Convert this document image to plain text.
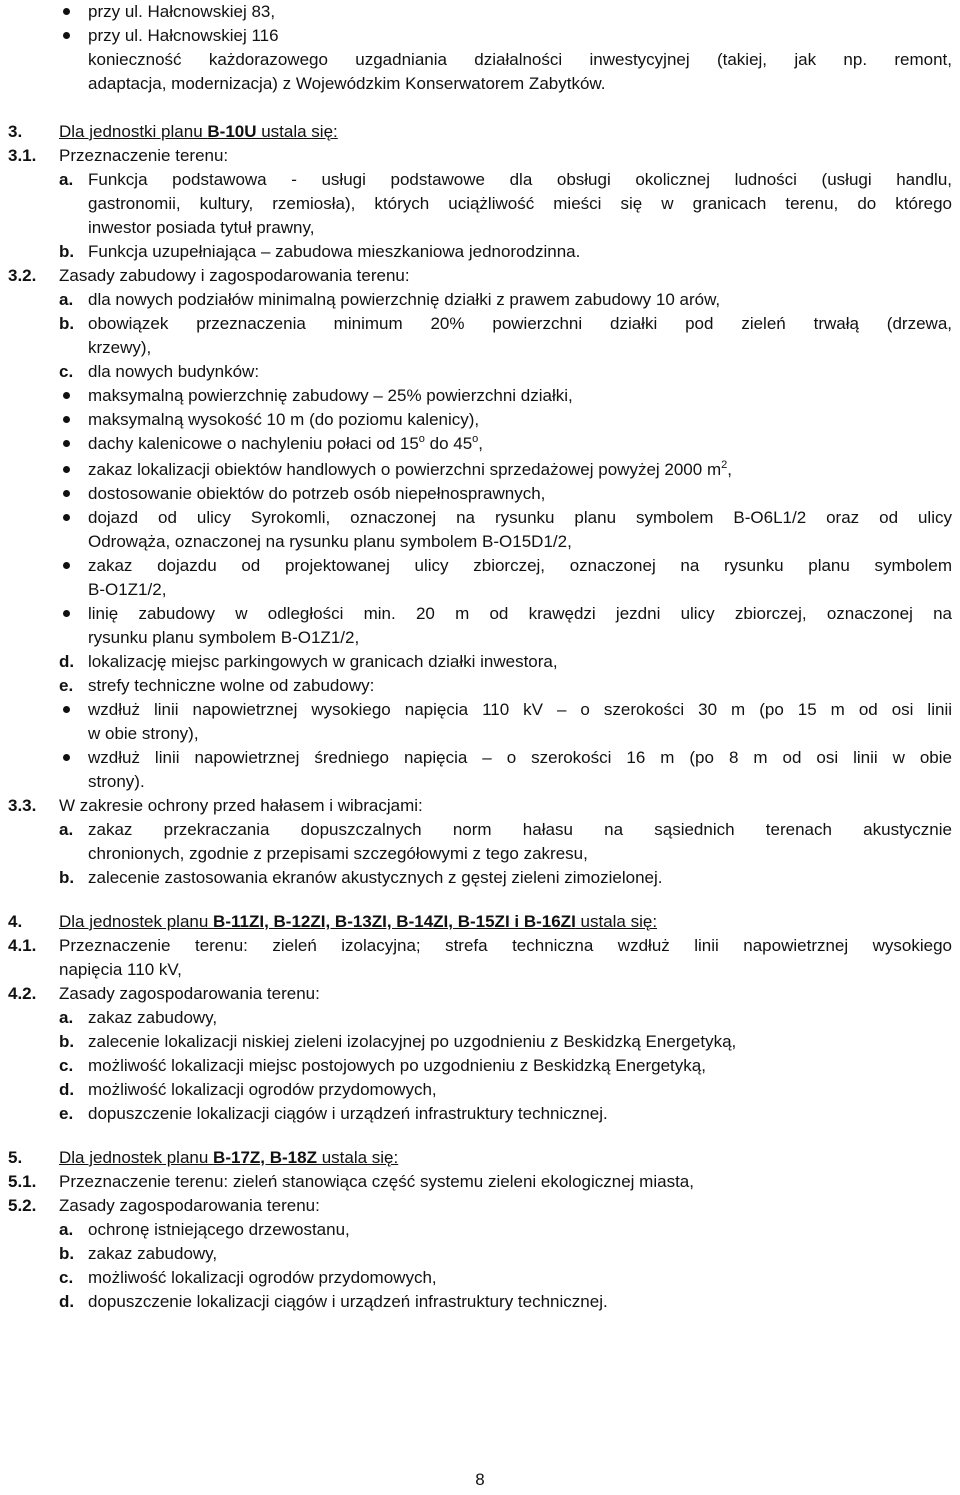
przy ul. Hałcnowskiej 83,
przy ul. Hałcnowskiej 116
konieczność każdorazowego uzgadniania działalności inwestycyjnej (takiej, jak np. remont,
adaptacja, modernizacja) z Wojewódzkim Konserwatorem Zabytków.
3. Dla jednostki planu B-10U ustala się:
3.1. Przeznaczenie terenu:
a. Funkcja podstawowa - usługi podstawowe dla obsługi okolicznej ludności (usługi handlu,
gastronomii, kultury, rzemiosła), których uciążliwość mieści się w granicach terenu, do którego
inwestor posiada tytuł prawny,
b. Funkcja uzupełniająca – zabudowa mieszkaniowa jednorodzinna.
3.2. Zasady zabudowy i zagospodarowania terenu:
a. dla nowych podziałów minimalną powierzchnię działki z prawem zabudowy 10 arów,
b. obowiązek przeznaczenia minimum 20% powierzchni działki pod zieleń trwałą (drzewa,
krzewy),
c. dla nowych budynków:
maksymalną powierzchnię zabudowy – 25% powierzchni działki,
maksymalną wysokość 10 m (do poziomu kalenicy),
dachy kalenicowe o nachyleniu połaci od 15$^o$ do 45$^o$,
zakaz lokalizacji obiektów handlowych o powierzchni sprzedażowej powyżej 2000 $m^2$,
dostosowanie obiektów do potrzeb osób niepełnosprawnych,
dojazd od ulicy Syrokomli, oznaczonej na rysunku planu symbolem B-O6L1/2 oraz od ulicy
Odrowąża, oznaczonej na rysunku planu symbolem B-O15D1/2,
zakaz dojazdu od projektowanej ulicy zbiorczej, oznaczonej na rysunku planu symbolem
B-O1Z1/2,
linię zabudowy w odległości min. 20 m od krawędzi jezdni ulicy zbiorczej, oznaczonej na
rysunku planu symbolem B-O1Z1/2,
d. lokalizację miejsc parkingowych w granicach działki inwestora,
e. strefy techniczne wolne od zabudowy:
wzdłuż linii napowietrznej wysokiego napięcia 110 kV – o szerokości 30 m (po 15 m od osi linii
w obie strony),
wzdłuż linii napowietrznej średniego napięcia – o szerokości 16 m (po 8 m od osi linii w obie
strony).
3.3. W zakresie ochrony przed hałasem i wibracjami:
a. zakaz przekraczania dopuszczalnych norm hałasu na sąsiednich terenach akustycznie
chronionych, zgodnie z przepisami szczegółowymi z tego zakresu,
b. zalecenie zastosowania ekranów akustycznych z gęstej zieleni zimozielonej.
4. Dla jednostek planu B-11ZI, B-12ZI, B-13ZI, B-14ZI, B-15ZI i B-16ZI ustala się:
4.1. Przeznaczenie terenu: zieleń izolacyjna; strefa techniczna wzdłuż linii napowietrznej wysokiego
napięcia 110 kV,
4.2. Zasady zagospodarowania terenu:
a. zakaz zabudowy,
b. zalecenie lokalizacji niskiej zieleni izolacyjnej po uzgodnieniu z Beskidzką Energetyką,
c. możliwość lokalizacji miejsc postojowych po uzgodnieniu z Beskidzką Energetyką,
d. możliwość lokalizacji ogrodów przydomowych,
e. dopuszczenie lokalizacji ciągów i urządzeń infrastruktury technicznej.
5. Dla jednostek planu B-17Z, B-18Z ustala się:
5.1. Przeznaczenie terenu: zieleń stanowiąca część systemu zieleni ekologicznej miasta,
5.2. Zasady zagospodarowania terenu:
a. ochronę istniejącego drzewostanu,
b. zakaz zabudowy,
c. możliwość lokalizacji ogrodów przydomowych,
d. dopuszczenie lokalizacji ciągów i urządzeń infrastruktury technicznej.
8
